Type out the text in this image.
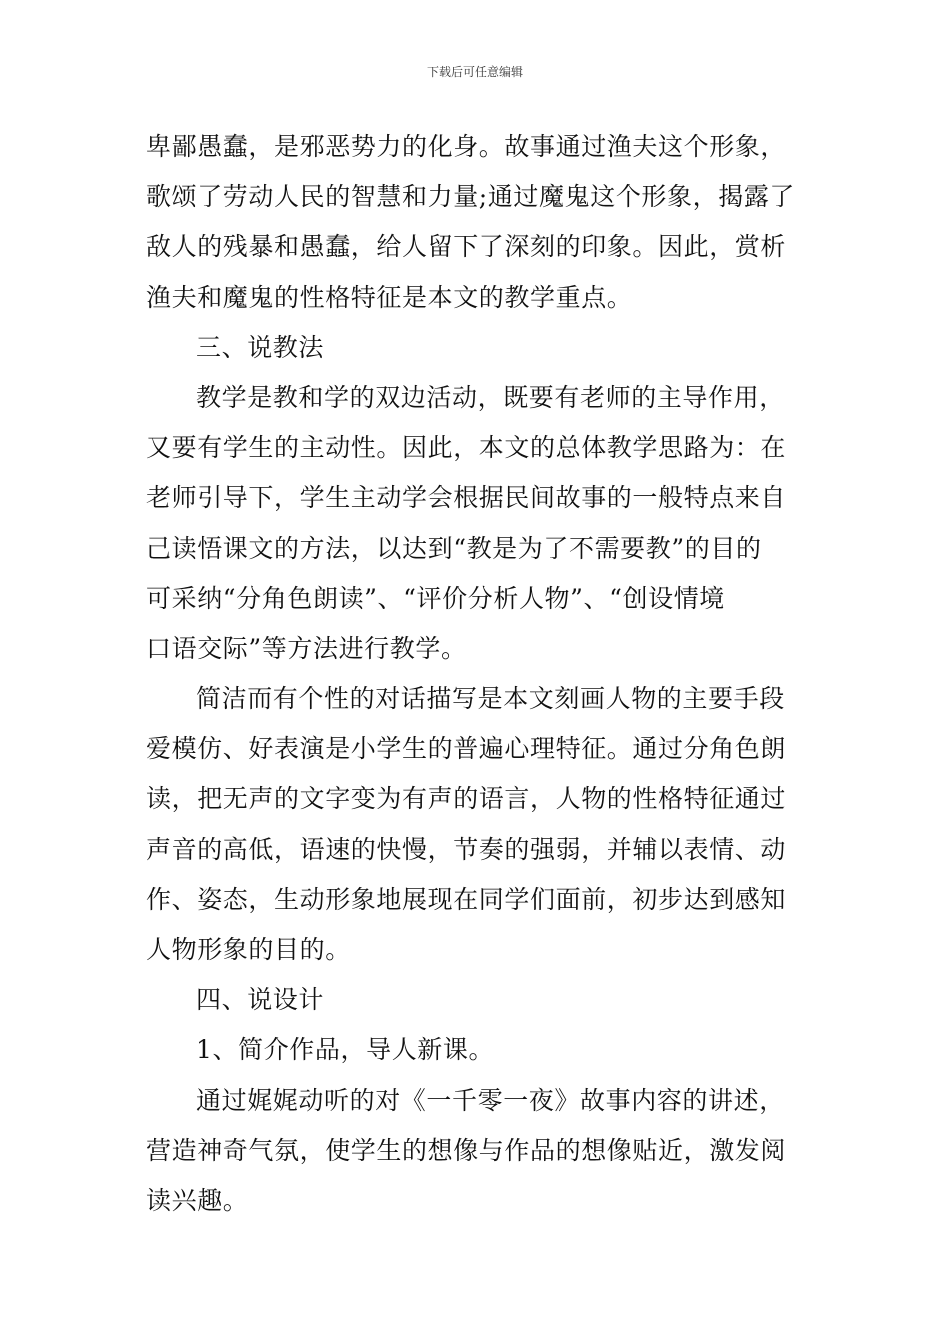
下载后可任意编辑
卑鄙愚蠢，是邪恶势力的化身。故事通过渔夫这个形象，
歌颂了劳动人民的智慧和力量;通过魔鬼这个形象，揭露了
敌人的残暴和愚蠢，给人留下了深刻的印象。因此，赏析
渔夫和魔鬼的性格特征是本文的教学重点。
三、说教法
教学是教和学的双边活动，既要有老师的主导作用，
又要有学生的主动性。因此，本文的总体教学思路为：在
老师引导下，学生主动学会根据民间故事的一般特点来自
己读悟课文的方法，以达到“教是为了不需要教”的目的
可采纳“分角色朗读”、“评价分析人物”、“创设情境
口语交际”等方法进行教学。
简洁而有个性的对话描写是本文刻画人物的主要手段
爱模仿、好表演是小学生的普遍心理特征。通过分角色朗
读，把无声的文字变为有声的语言，人物的性格特征通过
声音的高低，语速的快慢，节奏的强弱，并辅以表情、动
作、姿态，生动形象地展现在同学们面前，初步达到感知
人物形象的目的。
四、说设计
1、简介作品，导人新课。
通过娓娓动听的对《一千零一夜》故事内容的讲述，
营造神奇气氛，使学生的想像与作品的想像贴近，激发阅
读兴趣。
